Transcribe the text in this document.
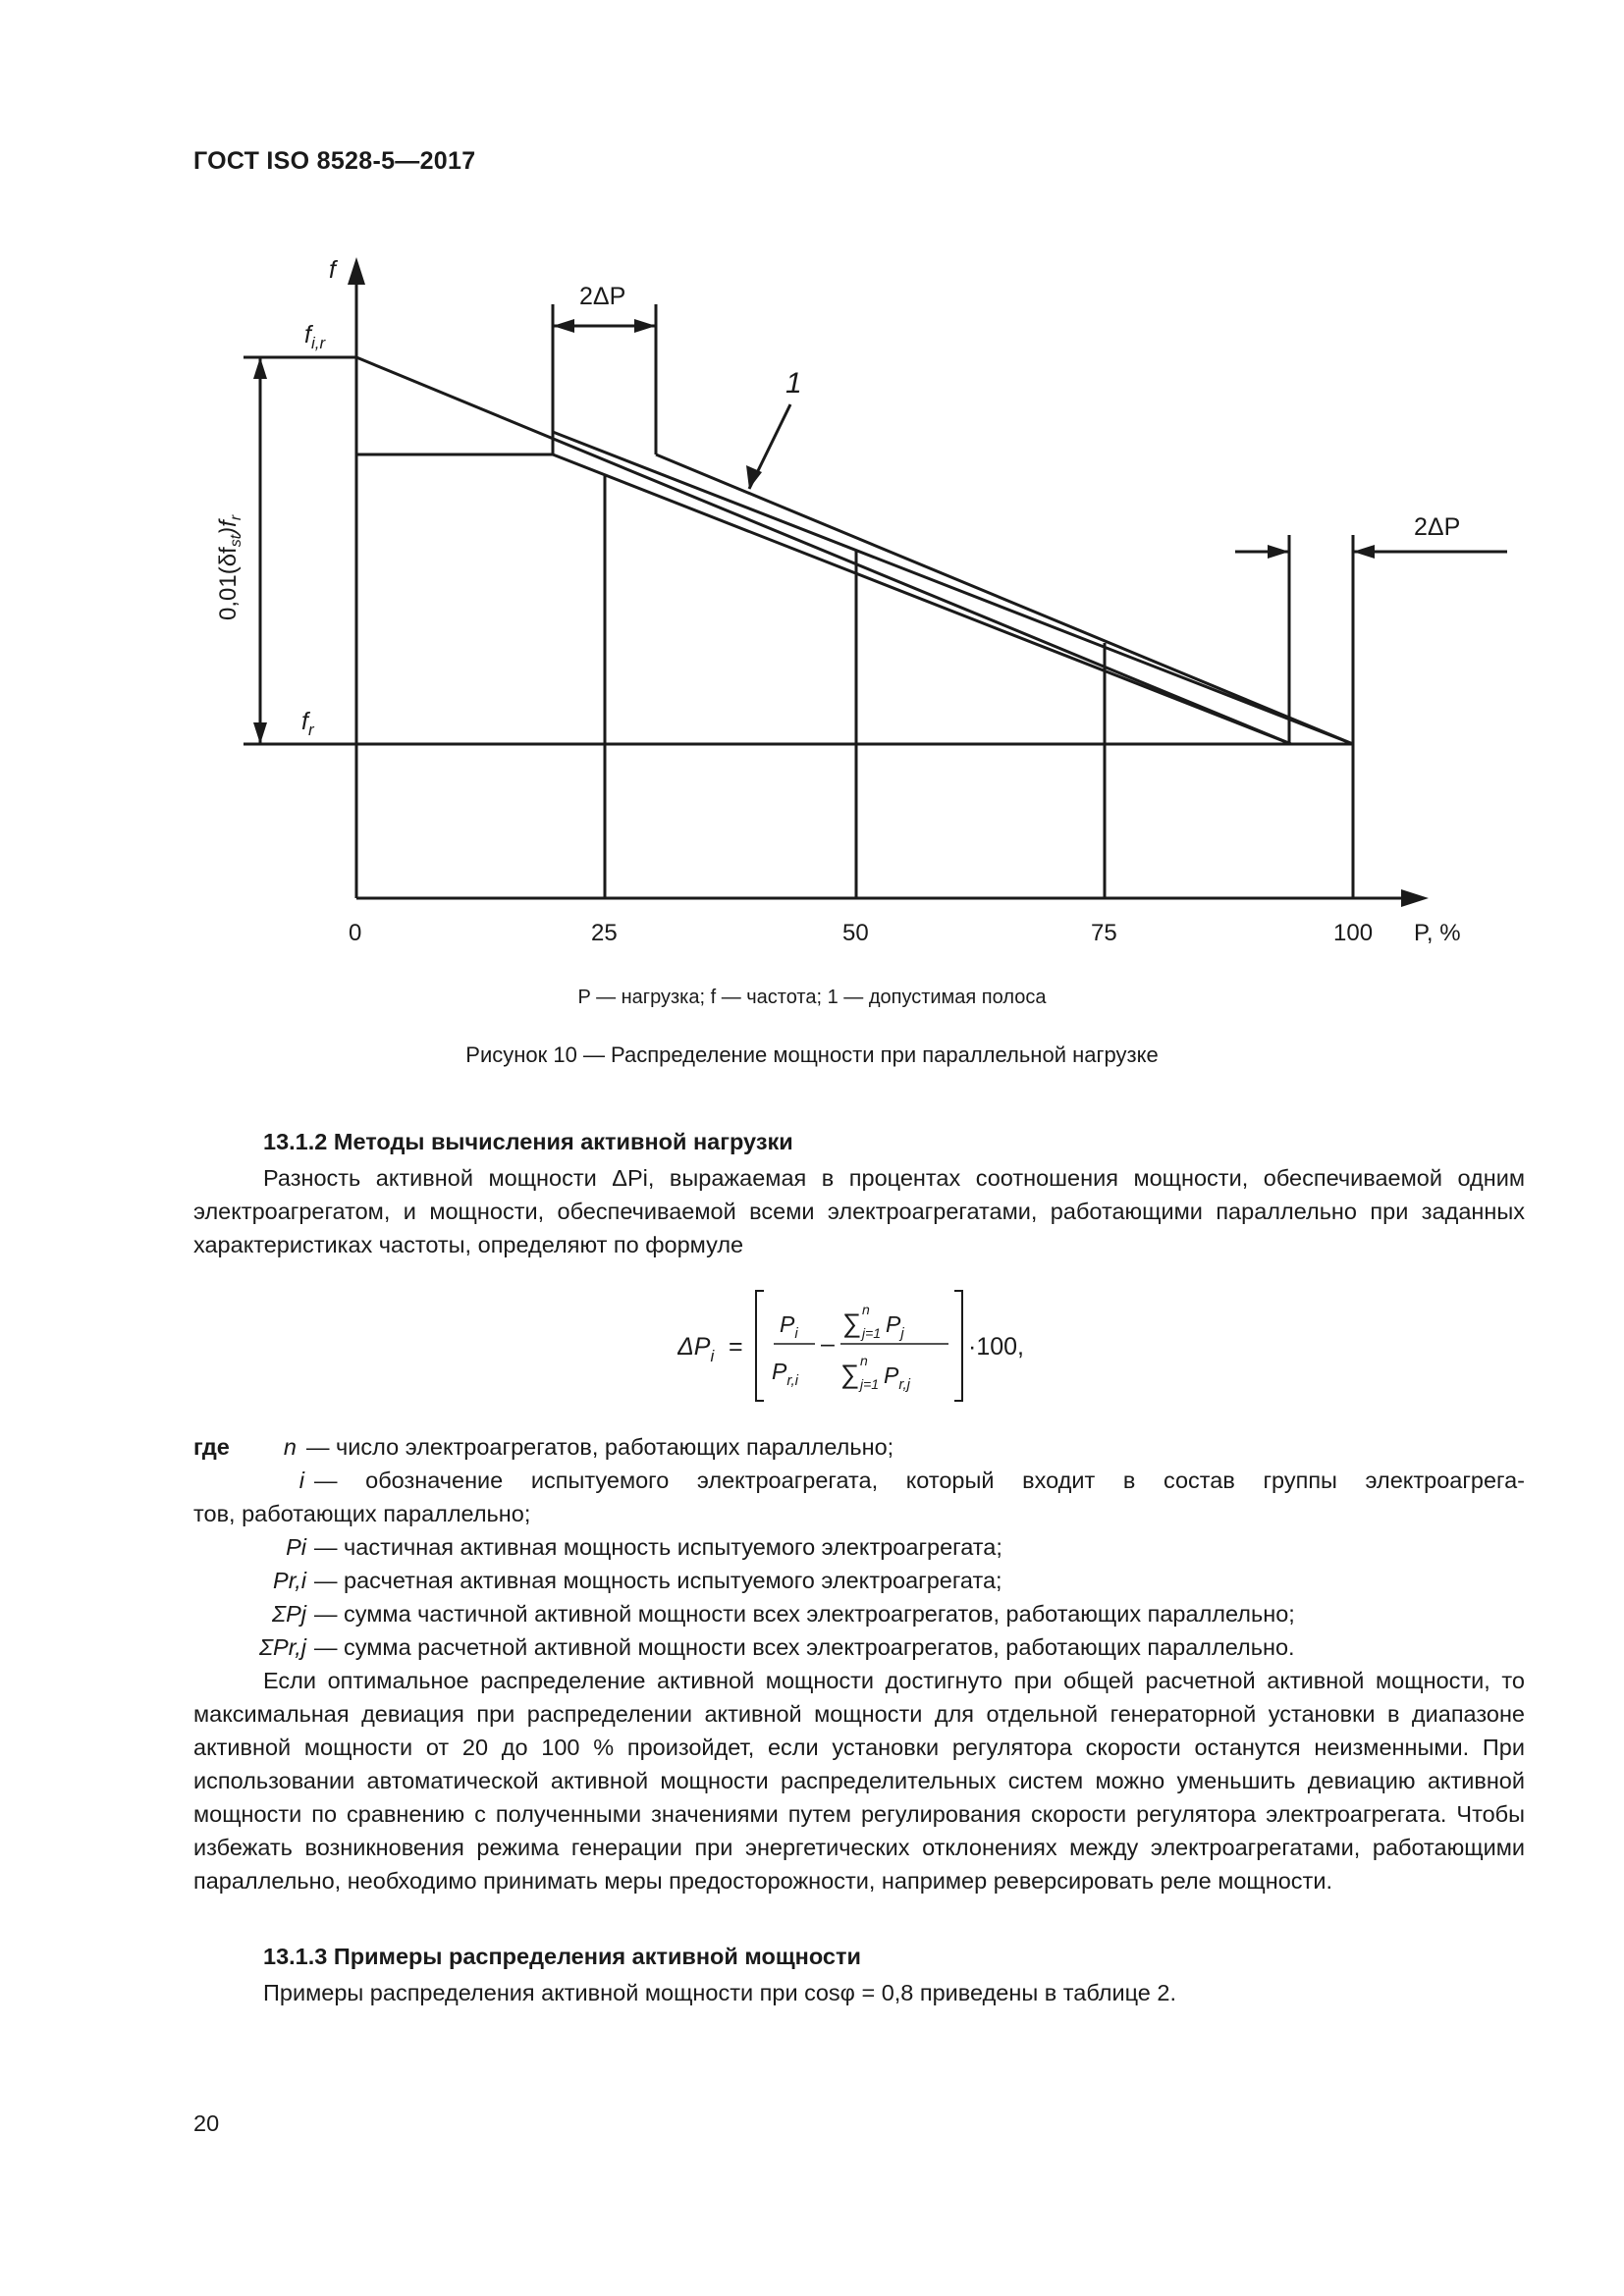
ГОСТ ISO 8528-5—2017
f
$f_{i,r}$
$f_r$
$0,01(\delta f_{st})f_r$
2ΔP
2ΔP
1
0	25	50	75	100 P, %
P — нагрузка; f — частота; 1 — допустимая полоса
Рисунок 10 — Распределение мощности при параллельной нагрузке
13.1.2 Методы вычисления активной нагрузки
Разность активной мощности ΔPi, выражаемая в процентах соотношения мощности, обеспечиваемой одним электроагрегатом, и мощности, обеспечиваемой всеми электроагрегатами, работающими параллельно при заданных характеристиках частоты, определяют по формуле
$\Delta P_i$ =
$P_i$
$P_{r,i}$
–
∑ n
j=1 $P_j$
∑ n
j=1 $P_{r,j}$
·100,
где n — число электроагрегатов, работающих параллельно;
i — обозначение испытуемого электроагрегата, который входит в состав группы электроагрега-
тов, работающих параллельно;
Pi — частичная активная мощность испытуемого электроагрегата;
Pr,i — расчетная активная мощность испытуемого электроагрегата;
ΣPj — сумма частичной активной мощности всех электроагрегатов, работающих параллельно;
ΣPr,j — сумма расчетной активной мощности всех электроагрегатов, работающих параллельно.
Если оптимальное распределение активной мощности достигнуто при общей расчетной активной мощности, то максимальная девиация при распределении активной мощности для отдельной генераторной установки в диапазоне активной мощности от 20 до 100 % произойдет, если установки регулятора скорости останутся неизменными. При использовании автоматической активной мощности распределительных систем можно уменьшить девиацию активной мощности по сравнению с полученными значениями путем регулирования скорости регулятора электроагрегата. Чтобы избежать возникновения режима генерации при энергетических отклонениях между электроагрегатами, работающими параллельно, необходимо принимать меры предосторожности, например реверсировать реле мощности.
13.1.3 Примеры распределения активной мощности
Примеры распределения активной мощности при cosφ = 0,8 приведены в таблице 2.
20
